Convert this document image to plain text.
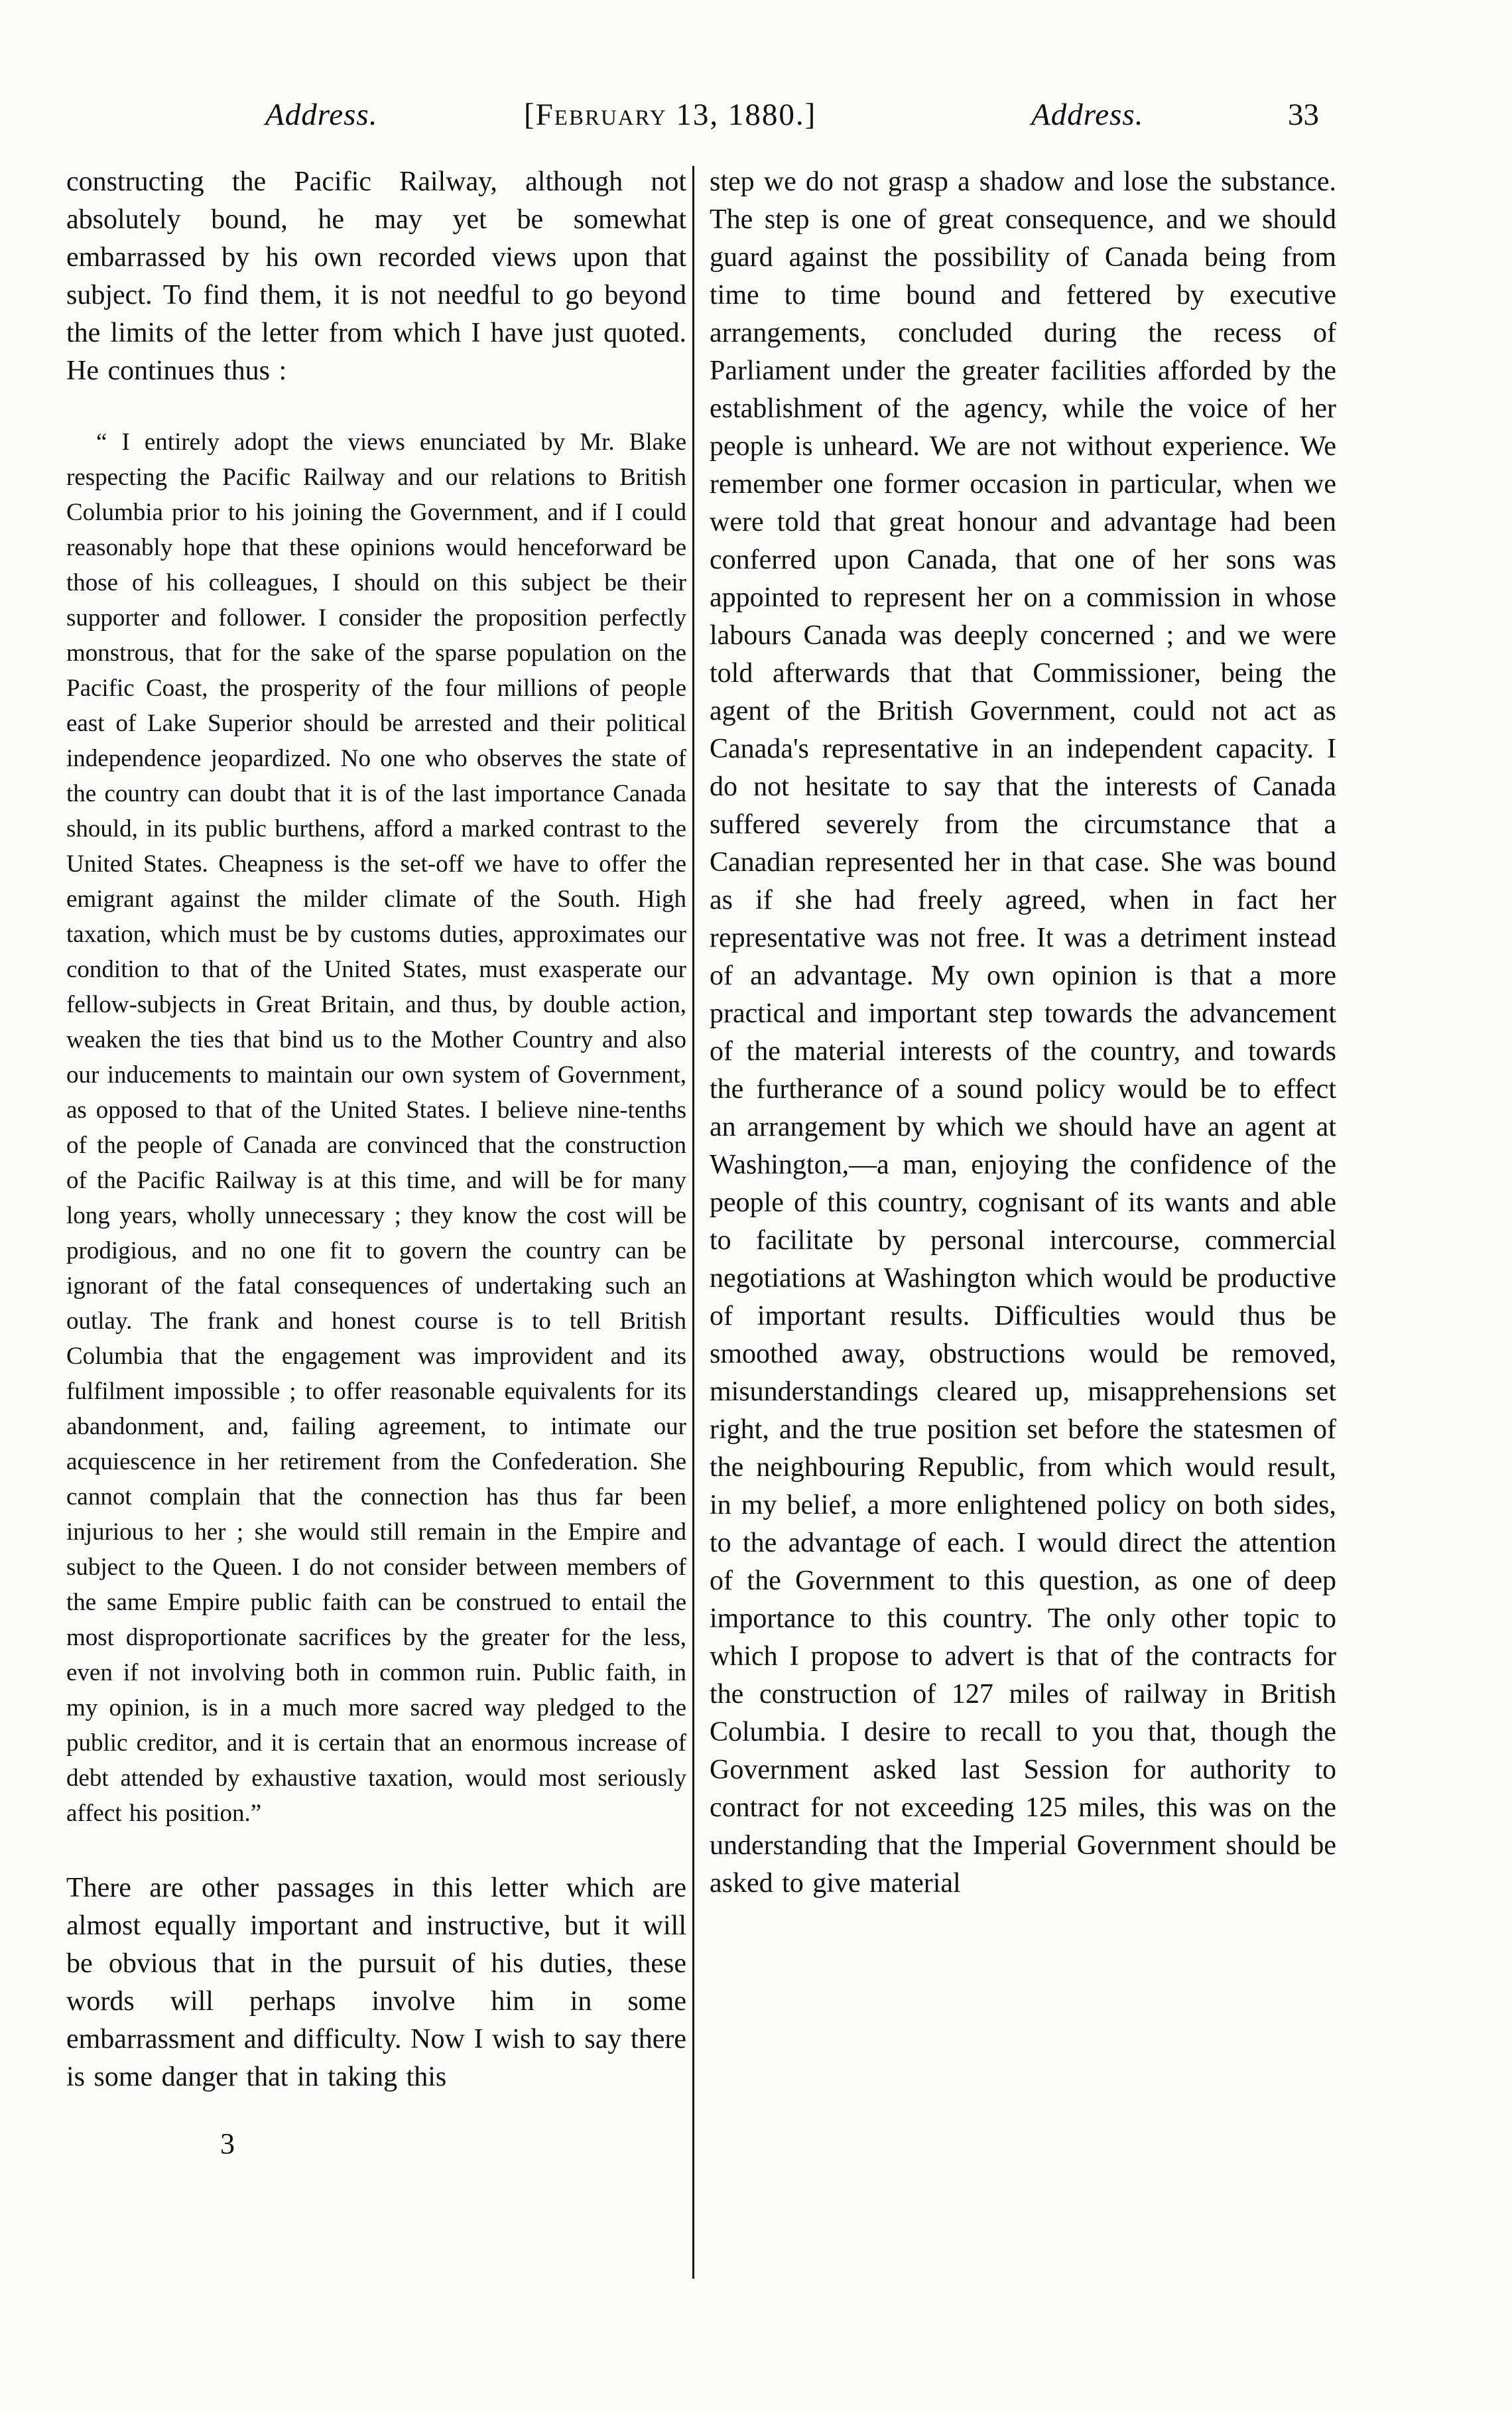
Address.	[February 13, 1880.]	Address.	33
constructing the Pacific Railway, although not absolutely bound, he may yet be somewhat embarrassed by his own recorded views upon that subject. To find them, it is not needful to go beyond the limits of the letter from which I have just quoted. He continues thus :
“ I entirely adopt the views enunciated by Mr. Blake respecting the Pacific Railway and our relations to British Columbia prior to his joining the Government, and if I could reasonably hope that these opinions would henceforward be those of his colleagues, I should on this subject be their supporter and follower. I consider the proposition perfectly monstrous, that for the sake of the sparse population on the Pacific Coast, the prosperity of the four millions of people east of Lake Superior should be arrested and their political independence jeopardized. No one who observes the state of the country can doubt that it is of the last importance Canada should, in its public burthens, afford a marked contrast to the United States. Cheapness is the set-off we have to offer the emigrant against the milder climate of the South. High taxation, which must be by customs duties, approximates our condition to that of the United States, must exasperate our fellow-subjects in Great Britain, and thus, by double action, weaken the ties that bind us to the Mother Country and also our inducements to maintain our own system of Government, as opposed to that of the United States. I believe nine-tenths of the people of Canada are convinced that the construction of the Pacific Railway is at this time, and will be for many long years, wholly unnecessary ; they know the cost will be prodigious, and no one fit to govern the country can be ignorant of the fatal consequences of undertaking such an outlay. The frank and honest course is to tell British Columbia that the engagement was improvident and its fulfilment impossible ; to offer reasonable equivalents for its abandonment, and, failing agreement, to intimate our acquiescence in her retirement from the Confederation. She cannot complain that the connection has thus far been injurious to her ; she would still remain in the Empire and subject to the Queen. I do not consider between members of the same Empire public faith can be construed to entail the most disproportionate sacrifices by the greater for the less, even if not involving both in common ruin. Public faith, in my opinion, is in a much more sacred way pledged to the public creditor, and it is certain that an enormous increase of debt attended by exhaustive taxation, would most seriously affect his position.”
There are other passages in this letter which are almost equally important and instructive, but it will be obvious that in the pursuit of his duties, these words will perhaps involve him in some embarrassment and difficulty. Now I wish to say there is some danger that in taking this
3
step we do not grasp a shadow and lose the substance. The step is one of great consequence, and we should guard against the possibility of Canada being from time to time bound and fettered by executive arrangements, concluded during the recess of Parliament under the greater facilities afforded by the establishment of the agency, while the voice of her people is unheard. We are not without experience. We remember one former occasion in particular, when we were told that great honour and advantage had been conferred upon Canada, that one of her sons was appointed to represent her on a commission in whose labours Canada was deeply concerned ; and we were told afterwards that that Commissioner, being the agent of the British Government, could not act as Canada's representative in an independent capacity. I do not hesitate to say that the interests of Canada suffered severely from the circumstance that a Canadian represented her in that case. She was bound as if she had freely agreed, when in fact her representative was not free. It was a detriment instead of an advantage. My own opinion is that a more practical and important step towards the advancement of the material interests of the country, and towards the furtherance of a sound policy would be to effect an arrangement by which we should have an agent at Washington,—a man, enjoying the confidence of the people of this country, cognisant of its wants and able to facilitate by personal intercourse, commercial negotiations at Washington which would be productive of important results. Difficulties would thus be smoothed away, obstructions would be removed, misunderstandings cleared up, misapprehensions set right, and the true position set before the statesmen of the neighbouring Republic, from which would result, in my belief, a more enlightened policy on both sides, to the advantage of each. I would direct the attention of the Government to this question, as one of deep importance to this country. The only other topic to which I propose to advert is that of the contracts for the construction of 127 miles of railway in British Columbia. I desire to recall to you that, though the Government asked last Session for authority to contract for not exceeding 125 miles, this was on the understanding that the Imperial Government should be asked to give material
